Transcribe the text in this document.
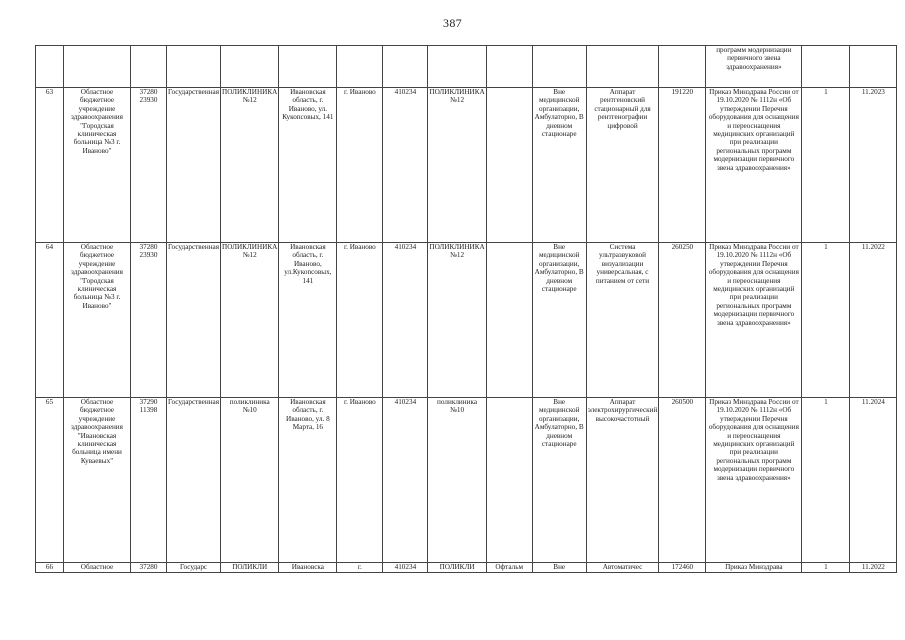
387
													программ модернизации первичного звена здравоохранения»		
63	Областное бюджетное учреждение здравоохранения "Городская клиническая больница №3 г. Иваново"	37280 23930	Государственная	ПОЛИКЛИНИКА №12	Ивановская область, г. Иваново, ул. Кукоnсовых, 141	г. Иваново	410234	ПОЛИКЛИНИКА №12		Вне медицинской организации, Амбулаторно, В дневном стационаре	Аппарат рентгеновский стационарный для рентгенографии цифровой	191220	Приказ Минздрава России от 19.10.2020 № 1112н «Об утверждении Перечня оборудования для оснащения и переоснащения медицинских организаций при реализации региональных программ модернизации первичного звена здравоохранения»	1	11.2023
64	Областное бюджетное учреждение здравоохранения "Городская клиническая больница №3 г. Иваново"	37280 23930	Государственная	ПОЛИКЛИНИКА №12	Ивановская область, г. Иваново, ул.Кукоnсовых, 141	г. Иваново	410234	ПОЛИКЛИНИКА №12		Вне медицинской организации, Амбулаторно, В дневном стационаре	Система ультразвуковой визуализации универсальная, с питанием от сети	260250	Приказ Минздрава России от 19.10.2020 № 1112н «Об утверждении Перечня оборудования для оснащения и переоснащения медицинских организаций при реализации региональных программ модернизации первичного звена здравоохранения»	1	11.2022
65	Областное бюджетное учреждение здравоохранения "Ивановская клиническая больница имени Куваевых"	37290 11398	Государственная	поликлиника №10	Ивановская область, г. Иваново, ул. 8 Марта, 16	г. Иваново	410234	поликлиника №10		Вне медицинской организации, Амбулаторно, В дневном стационаре	Аппарат электрохирургический высокочастотный	260500	Приказ Минздрава России от 19.10.2020 № 1112н «Об утверждении Перечня оборудования для оснащения и переоснащения медицинских организаций при реализации региональных программ модернизации первичного звена здравоохранения»	1	11.2024
66	Областное	37280	Государс	ПОЛИКЛИ	Ивановска	г.	410234	ПОЛИКЛИ	Офтальм	Вне	Автоматичес	172460	Приказ Минздрава	1	11.2022
